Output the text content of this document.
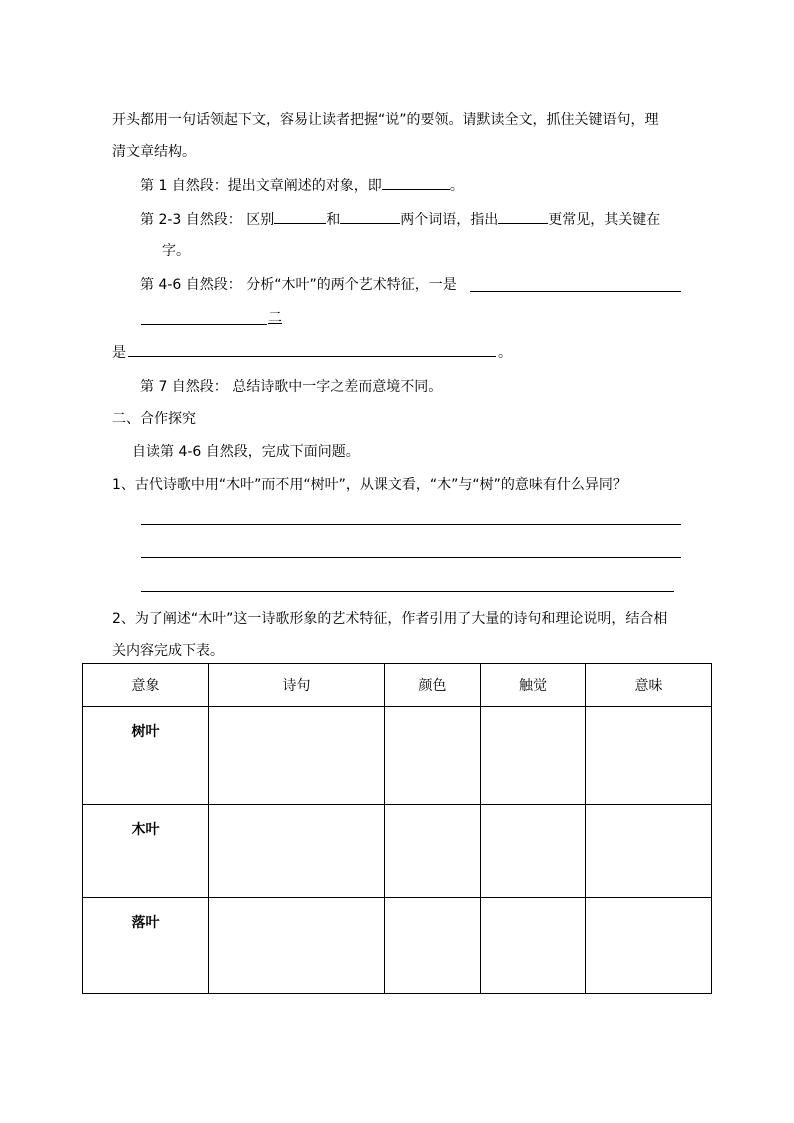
开头都用一句话领起下文，容易让读者把握“说”的要领。请默读全文，抓住关键语句，理
清文章结构。
第 1 自然段：提出文章阐述的对象，即	。
第 2-3 自然段： 区别	和	两个词语，指出	更常见，其关键在
字。
第 4-6 自然段： 分析“木叶”的两个艺术特征，一是
二
是	。
第 7 自然段： 总结诗歌中一字之差而意境不同。
二、合作探究
自读第 4-6 自然段，完成下面问题。
1、古代诗歌中用“木叶”而不用“树叶”，从课文看，“木”与“树”的意味有什么异同？
2、为了阐述“木叶”这一诗歌形象的艺术特征，作者引用了大量的诗句和理论说明，结合相
关内容完成下表。
意象	诗句	颜色	触觉	意味
树叶				
木叶				
落叶				
